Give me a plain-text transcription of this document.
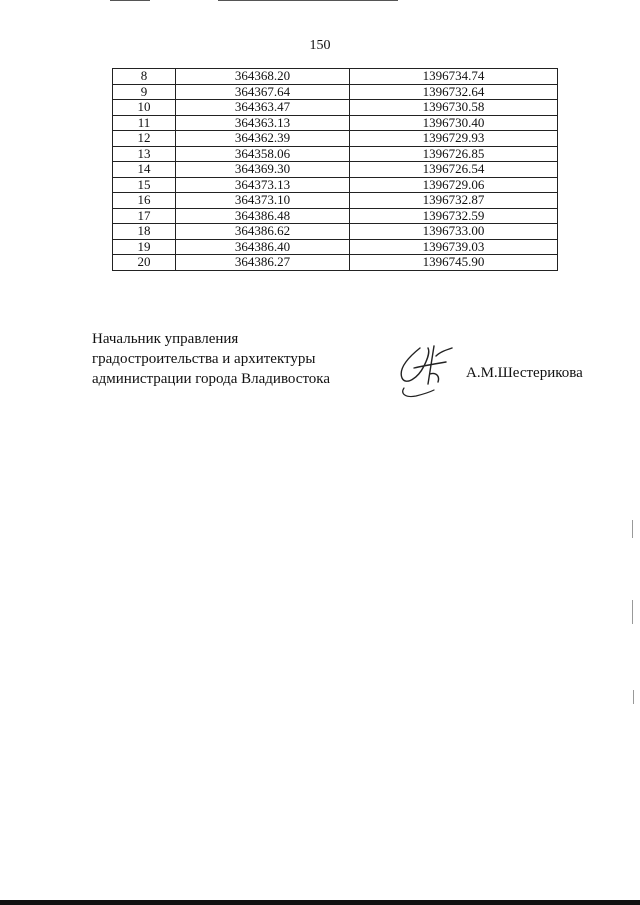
150
8	364368.20	1396734.74
9	364367.64	1396732.64
10	364363.47	1396730.58
11	364363.13	1396730.40
12	364362.39	1396729.93
13	364358.06	1396726.85
14	364369.30	1396726.54
15	364373.13	1396729.06
16	364373.10	1396732.87
17	364386.48	1396732.59
18	364386.62	1396733.00
19	364386.40	1396739.03
20	364386.27	1396745.90
Начальник управления
градостроительства и архитектуры
администрации города Владивостока	А.М.Шестерикова
